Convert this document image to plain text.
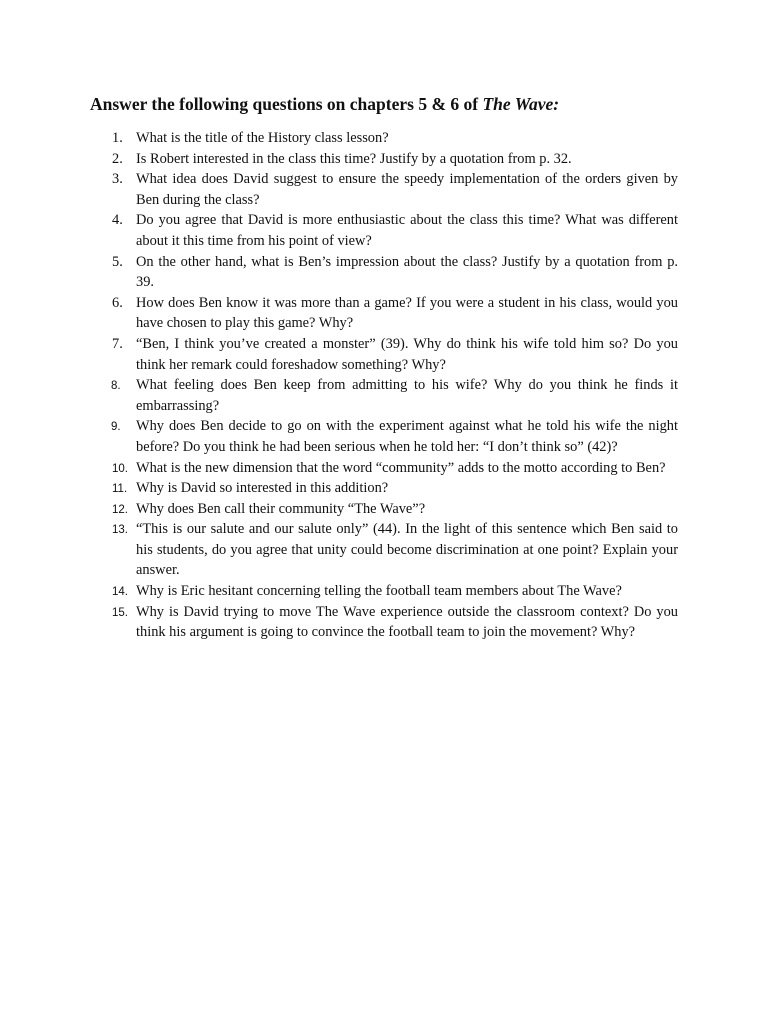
Answer the following questions on chapters 5 & 6 of The Wave:
1. What is the title of the History class lesson?
2. Is Robert interested in the class this time? Justify by a quotation from p. 32.
3. What idea does David suggest to ensure the speedy implementation of the orders given by Ben during the class?
4. Do you agree that David is more enthusiastic about the class this time? What was different about it this time from his point of view?
5. On the other hand, what is Ben’s impression about the class? Justify by a quotation from p. 39.
6. How does Ben know it was more than a game? If you were a student in his class, would you have chosen to play this game? Why?
7. “Ben, I think you’ve created a monster” (39). Why do think his wife told him so? Do you think her remark could foreshadow something? Why?
8. What feeling does Ben keep from admitting to his wife? Why do you think he finds it embarrassing?
9. Why does Ben decide to go on with the experiment against what he told his wife the night before? Do you think he had been serious when he told her: “I don’t think so” (42)?
10. What is the new dimension that the word “community” adds to the motto according to Ben?
11. Why is David so interested in this addition?
12. Why does Ben call their community “The Wave”?
13. “This is our salute and our salute only” (44). In the light of this sentence which Ben said to his students, do you agree that unity could become discrimination at one point? Explain your answer.
14. Why is Eric hesitant concerning telling the football team members about The Wave?
15. Why is David trying to move The Wave experience outside the classroom context? Do you think his argument is going to convince the football team to join the movement? Why?
